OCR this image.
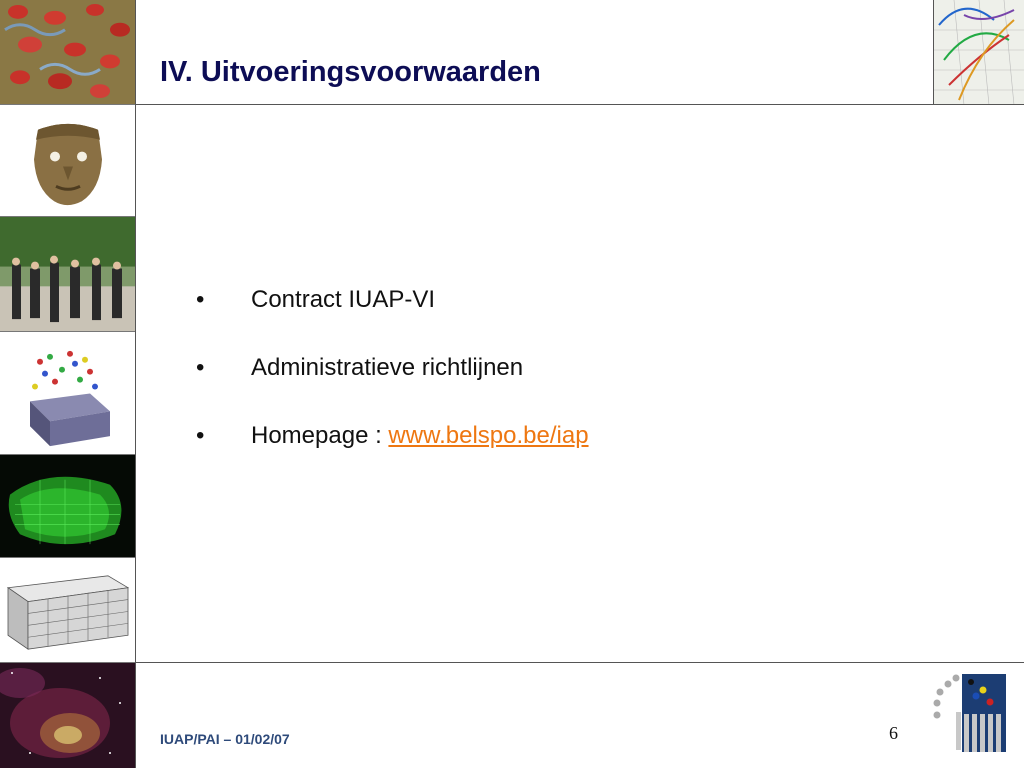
IV. Uitvoeringsvoorwaarden
•	Contract IUAP-VI
•	Administratieve richtlijnen
•	Homepage : www.belspo.be/iap
IUAP/PAI – 01/02/07	6
